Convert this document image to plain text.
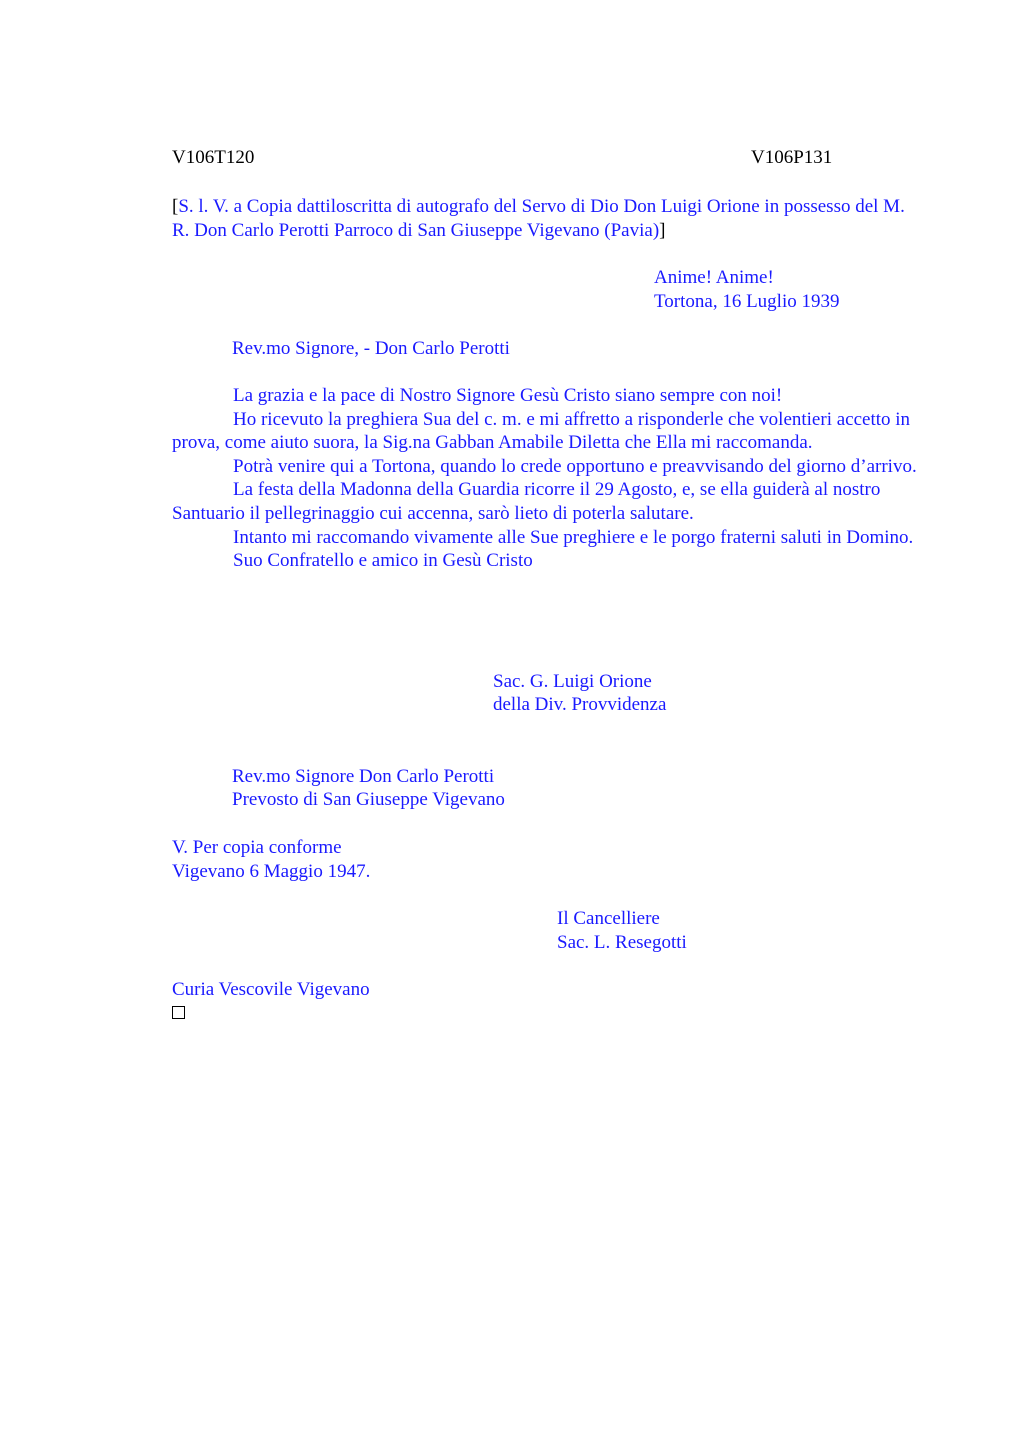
V106T120	V106P131
[S. l. V. a Copia dattiloscritta di autografo del Servo di Dio Don Luigi Orione in possesso del M. R. Don Carlo Perotti Parroco di San Giuseppe Vigevano (Pavia)]
Anime! Anime!
Tortona, 16 Luglio 1939
Rev.mo Signore, - Don Carlo Perotti
La grazia e la pace di Nostro Signore Gesù Cristo siano sempre con noi!
Ho ricevuto la preghiera Sua del c. m. e mi affretto a risponderle che volentieri accetto in prova, come aiuto suora, la Sig.na Gabban Amabile Diletta che Ella mi raccomanda.
Potrà venire qui a Tortona, quando lo crede opportuno e preavvisando del giorno d’arrivo.
La festa della Madonna della Guardia ricorre il 29 Agosto, e, se ella guiderà al nostro Santuario il pellegrinaggio cui accenna, sarò lieto di poterla salutare.
Intanto mi raccomando vivamente alle Sue preghiere e le porgo fraterni saluti in Domino.
Suo Confratello e amico in Gesù Cristo
Sac. G. Luigi Orione
della Div. Provvidenza
Rev.mo Signore Don Carlo Perotti
Prevosto di San Giuseppe Vigevano
V. Per copia conforme
Vigevano 6 Maggio 1947.
Il Cancelliere
Sac. L. Resegotti
Curia Vescovile Vigevano
